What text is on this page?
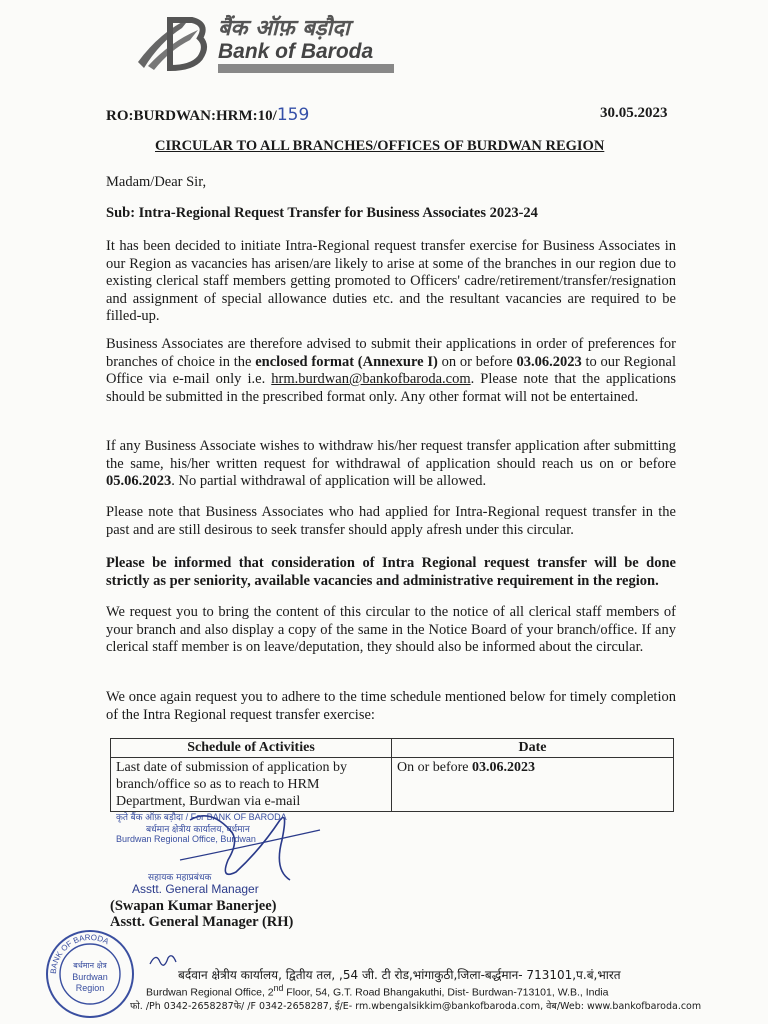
बैंक ऑफ़ बड़ौदा
Bank of Baroda
RO:BURDWAN:HRM:10/159	30.05.2023
CIRCULAR TO ALL BRANCHES/OFFICES OF BURDWAN REGION
Madam/Dear Sir,
Sub: Intra-Regional Request Transfer for Business Associates 2023-24
It has been decided to initiate Intra-Regional request transfer exercise for Business Associates in our Region as vacancies has arisen/are likely to arise at some of the branches in our region due to existing clerical staff members getting promoted to Officers' cadre/retirement/transfer/resignation and assignment of special allowance duties etc. and the resultant vacancies are required to be filled-up.
Business Associates are therefore advised to submit their applications in order of preferences for branches of choice in the enclosed format (Annexure I) on or before 03.06.2023 to our Regional Office via e-mail only i.e. hrm.burdwan@bankofbaroda.com. Please note that the applications should be submitted in the prescribed format only. Any other format will not be entertained.
If any Business Associate wishes to withdraw his/her request transfer application after submitting the same, his/her written request for withdrawal of application should reach us on or before 05.06.2023. No partial withdrawal of application will be allowed.
Please note that Business Associates who had applied for Intra-Regional request transfer in the past and are still desirous to seek transfer should apply afresh under this circular.
Please be informed that consideration of Intra Regional request transfer will be done strictly as per seniority, available vacancies and administrative requirement in the region.
We request you to bring the content of this circular to the notice of all clerical staff members of your branch and also display a copy of the same in the Notice Board of your branch/office. If any clerical staff member is on leave/deputation, they should also be informed about the circular.
We once again request you to adhere to the time schedule mentioned below for timely completion of the Intra Regional request transfer exercise:
Schedule of Activities	Date
Last date of submission of application by branch/office so as to reach to HRM Department, Burdwan via e-mail	On or before 03.06.2023
कृते बैंक ऑफ़ बड़ौदा / For BANK OF BARODA
बर्धमान क्षेत्रीय कार्यालय, बर्धमान
Burdwan Regional Office, Burdwan
सहायक महाप्रबंधक
Asstt. General Manager
(Swapan Kumar Banerjee)
Asstt. General Manager (RH)
BANK OF BARODA
बर्धमान क्षेत्र
Burdwan
Region
बर्दवान क्षेत्रीय कार्यालय, द्वितीय तल, ,54 जी. टी रोड,भांगाकुठी,जिला-बर्द्धमान- 713101,प.बं,भारत
Burdwan Regional Office, 2nd Floor, 54, G.T. Road Bhangakuthi, Dist- Burdwan-713101, W.B., India
फो. /Ph 0342-2658287फे/ /F 0342-2658287, ई/E- rm.wbengalsikkim@bankofbaroda.com, वेब/Web: www.bankofbaroda.com
